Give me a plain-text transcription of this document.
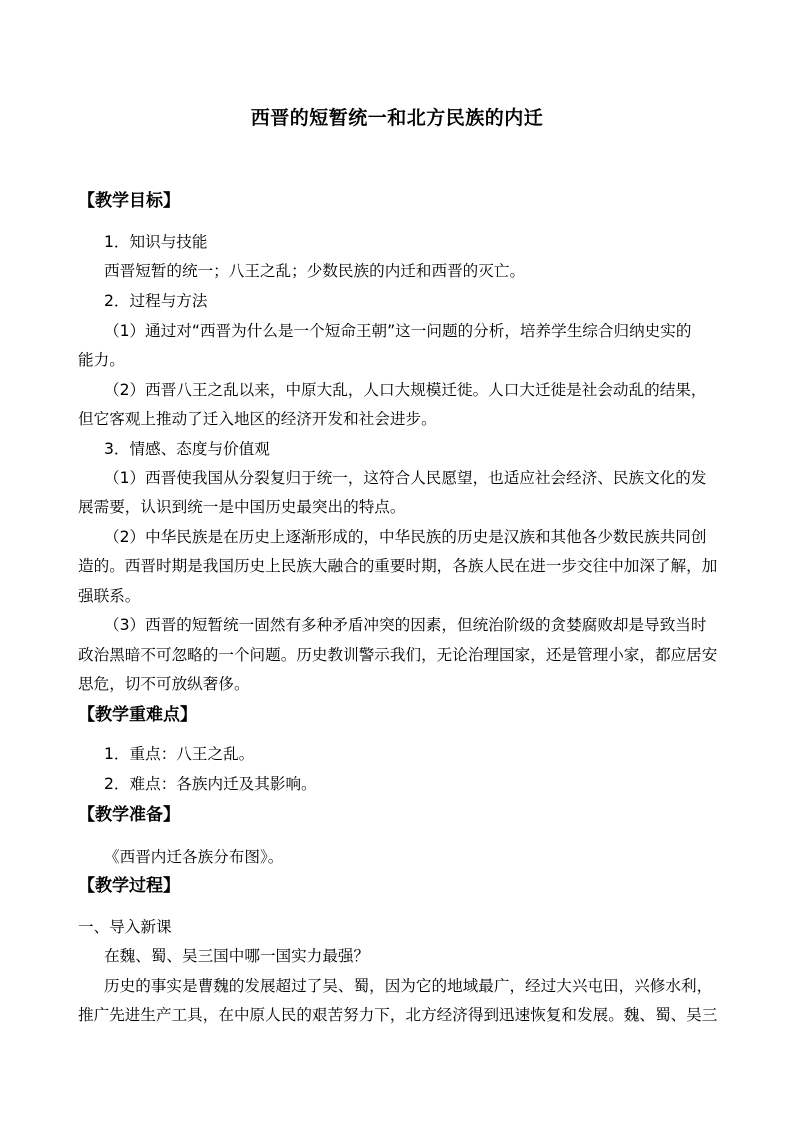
西晋的短暂统一和北方民族的内迁
【教学目标】
1．知识与技能
西晋短暂的统一；八王之乱；少数民族的内迁和西晋的灭亡。
2．过程与方法
（1）通过对“西晋为什么是一个短命王朝”这一问题的分析，培养学生综合归纳史实的
能力。
（2）西晋八王之乱以来，中原大乱，人口大规模迁徙。人口大迁徙是社会动乱的结果，
但它客观上推动了迁入地区的经济开发和社会进步。
3．情感、态度与价值观
（1）西晋使我国从分裂复归于统一，这符合人民愿望，也适应社会经济、民族文化的发
展需要，认识到统一是中国历史最突出的特点。
（2）中华民族是在历史上逐渐形成的，中华民族的历史是汉族和其他各少数民族共同创
造的。西晋时期是我国历史上民族大融合的重要时期，各族人民在进一步交往中加深了解，加
强联系。
（3）西晋的短暂统一固然有多种矛盾冲突的因素，但统治阶级的贪婪腐败却是导致当时
政治黑暗不可忽略的一个问题。历史教训警示我们，无论治理国家，还是管理小家，都应居安
思危，切不可放纵奢侈。
【教学重难点】
1．重点：八王之乱。
2．难点：各族内迁及其影响。
【教学准备】
《西晋内迁各族分布图》。
【教学过程】
一、导入新课
在魏、蜀、吴三国中哪一国实力最强？
历史的事实是曹魏的发展超过了吴、蜀，因为它的地域最广，经过大兴屯田，兴修水利，
推广先进生产工具，在中原人民的艰苦努力下，北方经济得到迅速恢复和发展。魏、蜀、吴三
